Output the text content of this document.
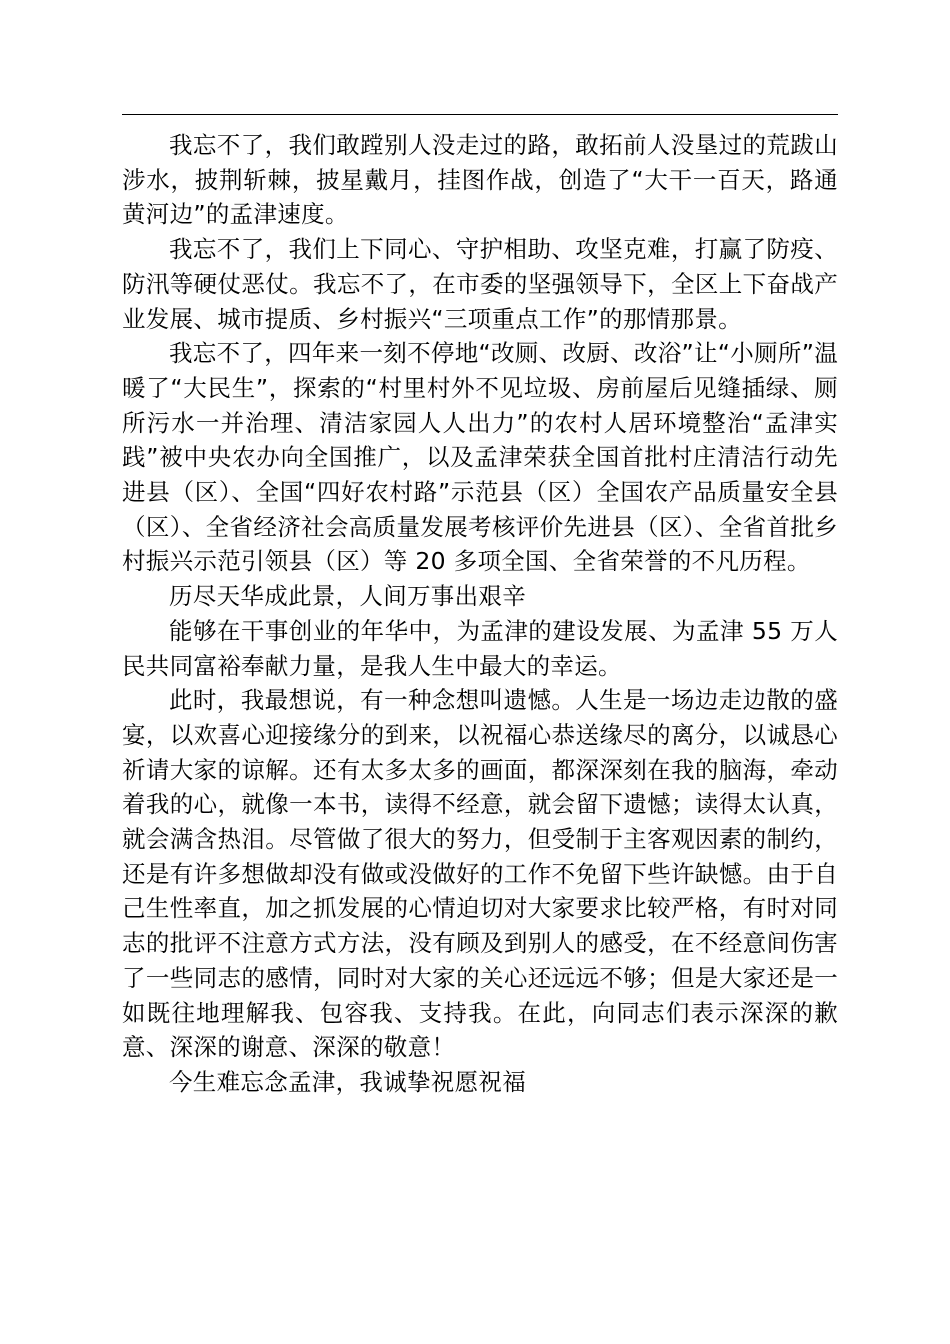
我忘不了，我们敢蹚别人没走过的路，敢拓前人没垦过的荒跋山涉水，披荆斩棘，披星戴月，挂图作战，创造了“大干一百天，路通黄河边”的孟津速度。

我忘不了，我们上下同心、守护相助、攻坚克难，打赢了防疫、防汛等硬仗恶仗。我忘不了，在市委的坚强领导下，全区上下奋战产业发展、城市提质、乡村振兴“三项重点工作”的那情那景。

我忘不了，四年来一刻不停地“改厕、改厨、改浴”让“小厕所”温暖了“大民生”，探索的“村里村外不见垃圾、房前屋后见缝插绿、厕所污水一并治理、清洁家园人人出力”的农村人居环境整治“孟津实践”被中央农办向全国推广，以及孟津荣获全国首批村庄清洁行动先进县（区）、全国“四好农村路”示范县（区）全国农产品质量安全县（区）、全省经济社会高质量发展考核评价先进县（区）、全省首批乡村振兴示范引领县（区）等 20 多项全国、全省荣誉的不凡历程。

历尽天华成此景，人间万事出艰辛

能够在干事创业的年华中，为孟津的建设发展、为孟津 55 万人民共同富裕奉献力量，是我人生中最大的幸运。

此时，我最想说，有一种念想叫遗憾。人生是一场边走边散的盛宴，以欢喜心迎接缘分的到来，以祝福心恭送缘尽的离分，以诚恳心祈请大家的谅解。还有太多太多的画面，都深深刻在我的脑海，牵动着我的心，就像一本书，读得不经意，就会留下遗憾；读得太认真，就会满含热泪。尽管做了很大的努力，但受制于主客观因素的制约，还是有许多想做却没有做或没做好的工作不免留下些许缺憾。由于自己生性率直，加之抓发展的心情迫切对大家要求比较严格，有时对同志的批评不注意方式方法，没有顾及到别人的感受，在不经意间伤害了一些同志的感情，同时对大家的关心还远远不够；但是大家还是一如既往地理解我、包容我、支持我。在此，向同志们表示深深的歉意、深深的谢意、深深的敬意！

今生难忘念孟津，我诚挚祝愿祝福
